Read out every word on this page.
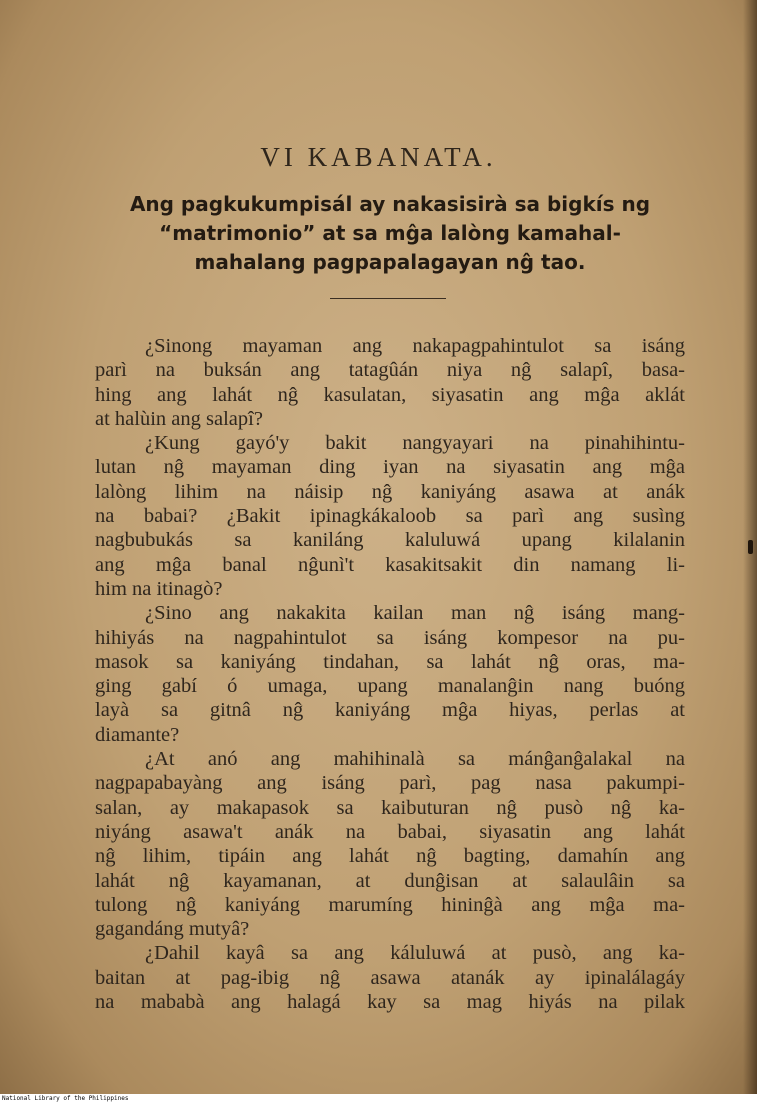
VI KABANATA.
Ang pagkukumpisál ay nakasisirà sa bigkís ng
“matrimonio” at sa mĝa lalòng kamahal-
mahalang pagpapalagayan nĝ tao.
¿Sinong mayaman ang nakapagpahintulot sa isáng
parì na buksán ang tatagûán niya nĝ salapî, basa-
hing ang lahát nĝ kasulatan, siyasatin ang mĝa aklát
at halùin ang salapî?
¿Kung gayó'y bakit nangyayari na pinahihintu-
lutan nĝ mayaman ding iyan na siyasatin ang mĝa
lalòng lihim na náisip nĝ kaniyáng asawa at anák
na babai? ¿Bakit ipinagkákaloob sa parì ang susìng
nagbubukás sa kaniláng kaluluwá upang kilalanin
ang mĝa banal nĝunì't kasakitsakit din namang li-
him na itinagò?
¿Sino ang nakakita kailan man nĝ isáng mang-
hihiyás na nagpahintulot sa isáng kompesor na pu-
masok sa kaniyáng tindahan, sa lahát nĝ oras, ma-
ging gabí ó umaga, upang manalanĝin nang buóng
layà sa gitnâ nĝ kaniyáng mĝa hiyas, perlas at
diamante?
¿At anó ang mahihinalà sa mánĝanĝalakal na
nagpapabayàng ang isáng parì, pag nasa pakumpi-
salan, ay makapasok sa kaibuturan nĝ pusò nĝ ka-
niyáng asawa't anák na babai, siyasatin ang lahát
nĝ lihim, tipáin ang lahát nĝ bagting, damahín ang
lahát nĝ kayamanan, at dunĝisan at salaulâin sa
tulong nĝ kaniyáng marumíng hininĝà ang mĝa ma-
gagandáng mutyâ?
¿Dahil kayâ sa ang káluluwá at pusò, ang ka-
baitan at pag-ibig nĝ asawa atanák ay ipinalálagáy
na mababà ang halagá kay sa mag hiyás na pilak
National Library of the Philippines
